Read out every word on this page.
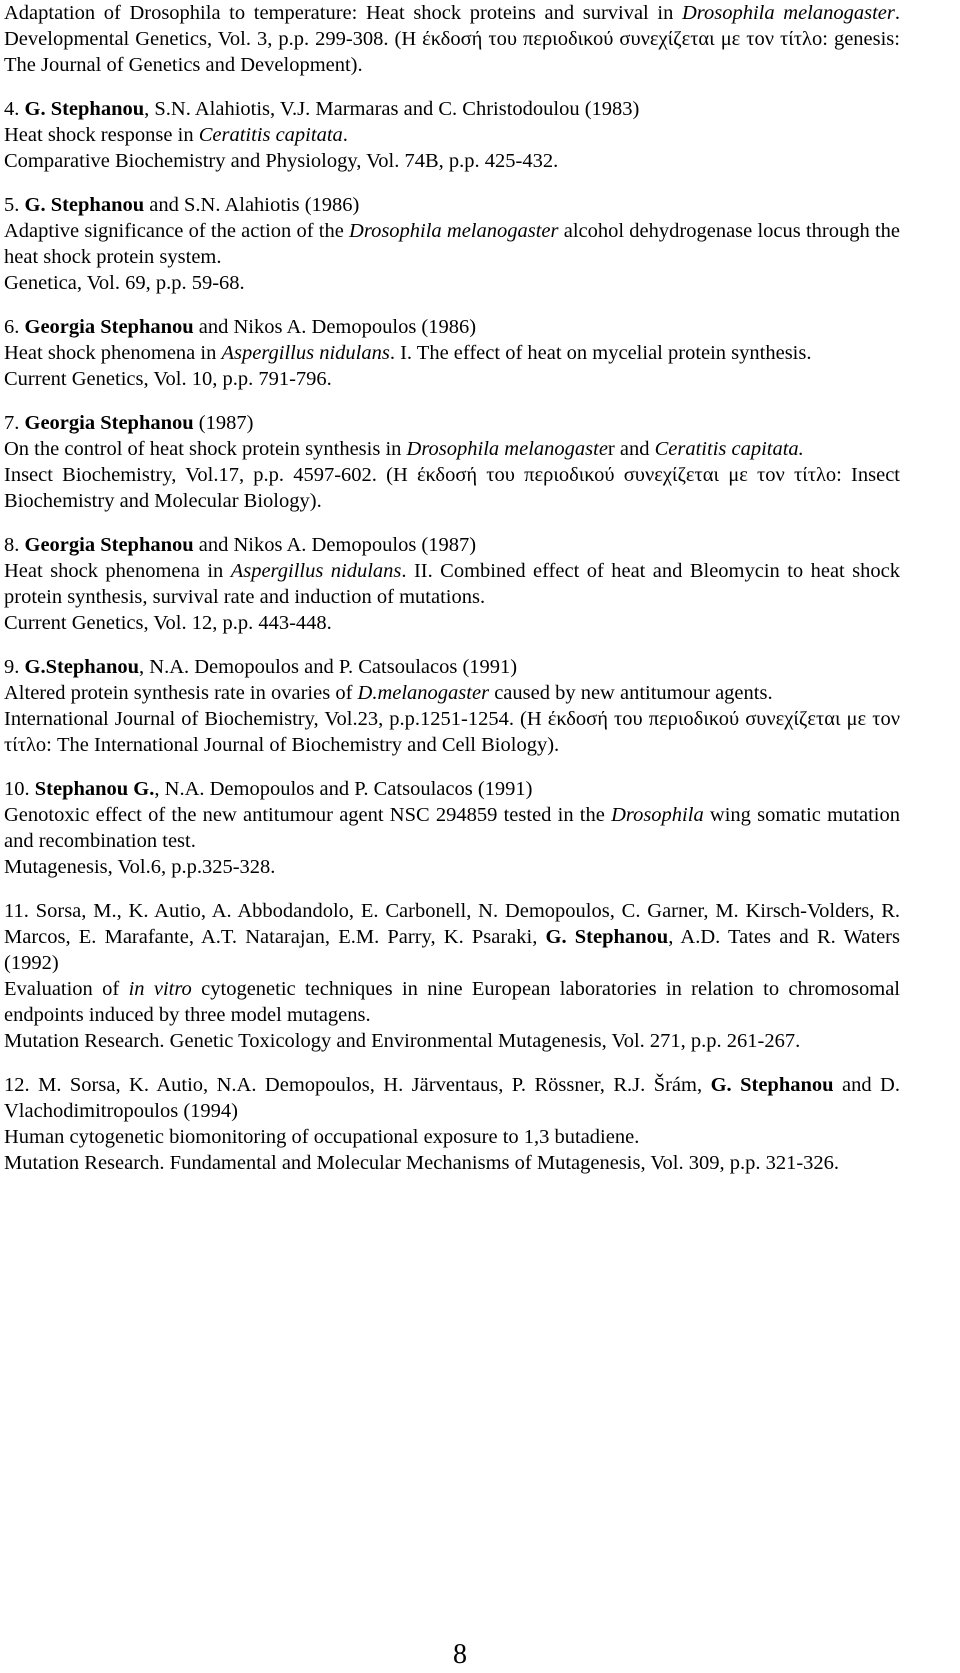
Adaptation of Drosophila to temperature: Heat shock proteins and survival in Drosophila melanogaster. Developmental Genetics, Vol. 3, p.p. 299-308. (Η έκδοσή του περιοδικού συνεχίζεται με τον τίτλο: genesis: The Journal of Genetics and Development).

4. G. Stephanou, S.N. Alahiotis, V.J. Marmaras and C. Christodoulou (1983)

Heat shock response in Ceratitis capitata.

Comparative Biochemistry and Physiology, Vol. 74B, p.p. 425-432.

5. G. Stephanou and S.N. Alahiotis (1986)

Adaptive significance of the action of the Drosophila melanogaster alcohol dehydrogenase locus through the heat shock protein system.

Genetica, Vol. 69, p.p. 59-68.

6. Georgia Stephanou and Nikos A. Demopoulos (1986)

Heat shock phenomena in Aspergillus nidulans. I. The effect of heat on mycelial protein synthesis.

Current Genetics, Vol. 10, p.p. 791-796.

7. Georgia Stephanou (1987)

On the control of heat shock protein synthesis in Drosophila melanogaster and Ceratitis capitata.

Insect Biochemistry, Vol.17, p.p. 4597-602. (Η έκδοσή του περιοδικού συνεχίζεται με τον τίτλο: Insect Biochemistry and Molecular Biology).

8. Georgia Stephanou and Nikos A. Demopoulos (1987)

Heat shock phenomena in Aspergillus nidulans. II. Combined effect of heat and Bleomycin to heat shock protein synthesis, survival rate and induction of mutations.

Current Genetics, Vol. 12, p.p. 443-448.

9. G.Stephanou, N.A. Demopoulos and P. Catsoulacos (1991)

Altered protein synthesis rate in ovaries of D.melanogaster caused by new antitumour agents.

International Journal of Biochemistry, Vol.23, p.p.1251-1254. (Η έκδοσή του περιοδικού συνεχίζεται με τον τίτλο: The International Journal of Biochemistry and Cell Biology).

10. Stephanou G., N.A. Demopoulos and P. Catsoulacos (1991)

Genotoxic effect of the new antitumour agent NSC 294859 tested in the Drosophila wing somatic mutation and recombination test.

Mutagenesis, Vol.6, p.p.325-328.

11. Sorsa, M., K. Autio, A. Abbodandolo, E. Carbonell, N. Demopoulos, C. Garner, M. Kirsch-Volders, R. Marcos, E. Marafante, A.T. Natarajan, E.M. Parry, K. Psaraki, G. Stephanou, A.D. Tates and R. Waters (1992)

Evaluation of in vitro cytogenetic techniques in nine European laboratories in relation to chromosomal endpoints induced by three model mutagens.

Mutation Research. Genetic Toxicology and Environmental Mutagenesis, Vol. 271, p.p. 261-267.

12. M. Sorsa, K. Autio, N.A. Demopoulos, H. Järventaus, P. Rössner, R.J. Šrám, G. Stephanou and D. Vlachodimitropoulos (1994)

Human cytogenetic biomonitoring of occupational exposure to 1,3 butadiene.

Mutation Research. Fundamental and Molecular Mechanisms of Mutagenesis, Vol. 309, p.p. 321-326.

8
